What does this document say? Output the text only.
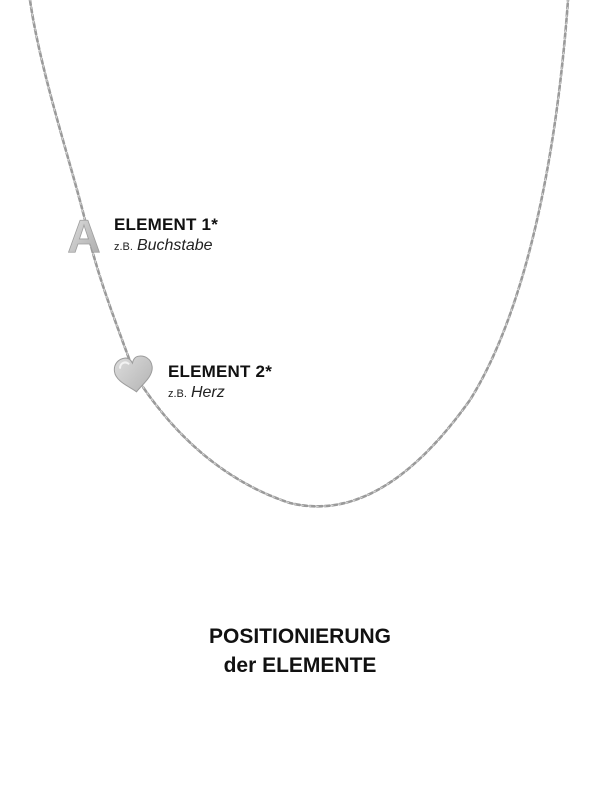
A ELEMENT 1*
z.B. Buchstabe
ELEMENT 2*
z.B. Herz
POSITIONIERUNG
der ELEMENTE
